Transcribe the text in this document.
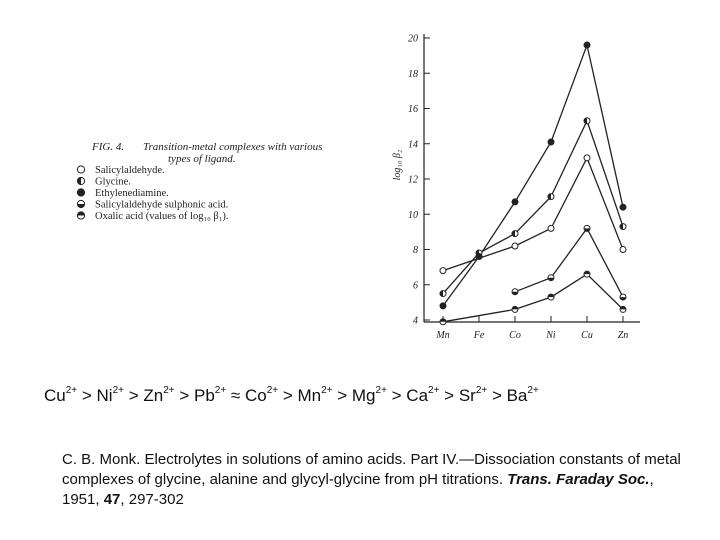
FIG. 4. Transition-metal complexes with various
types of ligand.
Salicylaldehyde.
Glycine.
Ethylenediamine.
Salicylaldehyde sulphonic acid.
Oxalic acid (values of log₁₀ β₁).
4
6
8
10
12
14
16
18
20
Mn Fe Co	Ni	Cu Zn
log₁₀ β₂
$Cu^{2+} > Ni^{2+} > Zn^{2+} > Pb^{2+} \approx Co^{2+} > Mn^{2+} > Mg^{2+} > Ca^{2+} > Sr^{2+} > Ba^{2+}$
C. B. Monk. Electrolytes in solutions of amino acids. Part IV.—Dissociation constants of metal complexes of glycine, alanine and glycyl-glycine from pH titrations. Trans. Faraday Soc., 1951, 47, 297-302
